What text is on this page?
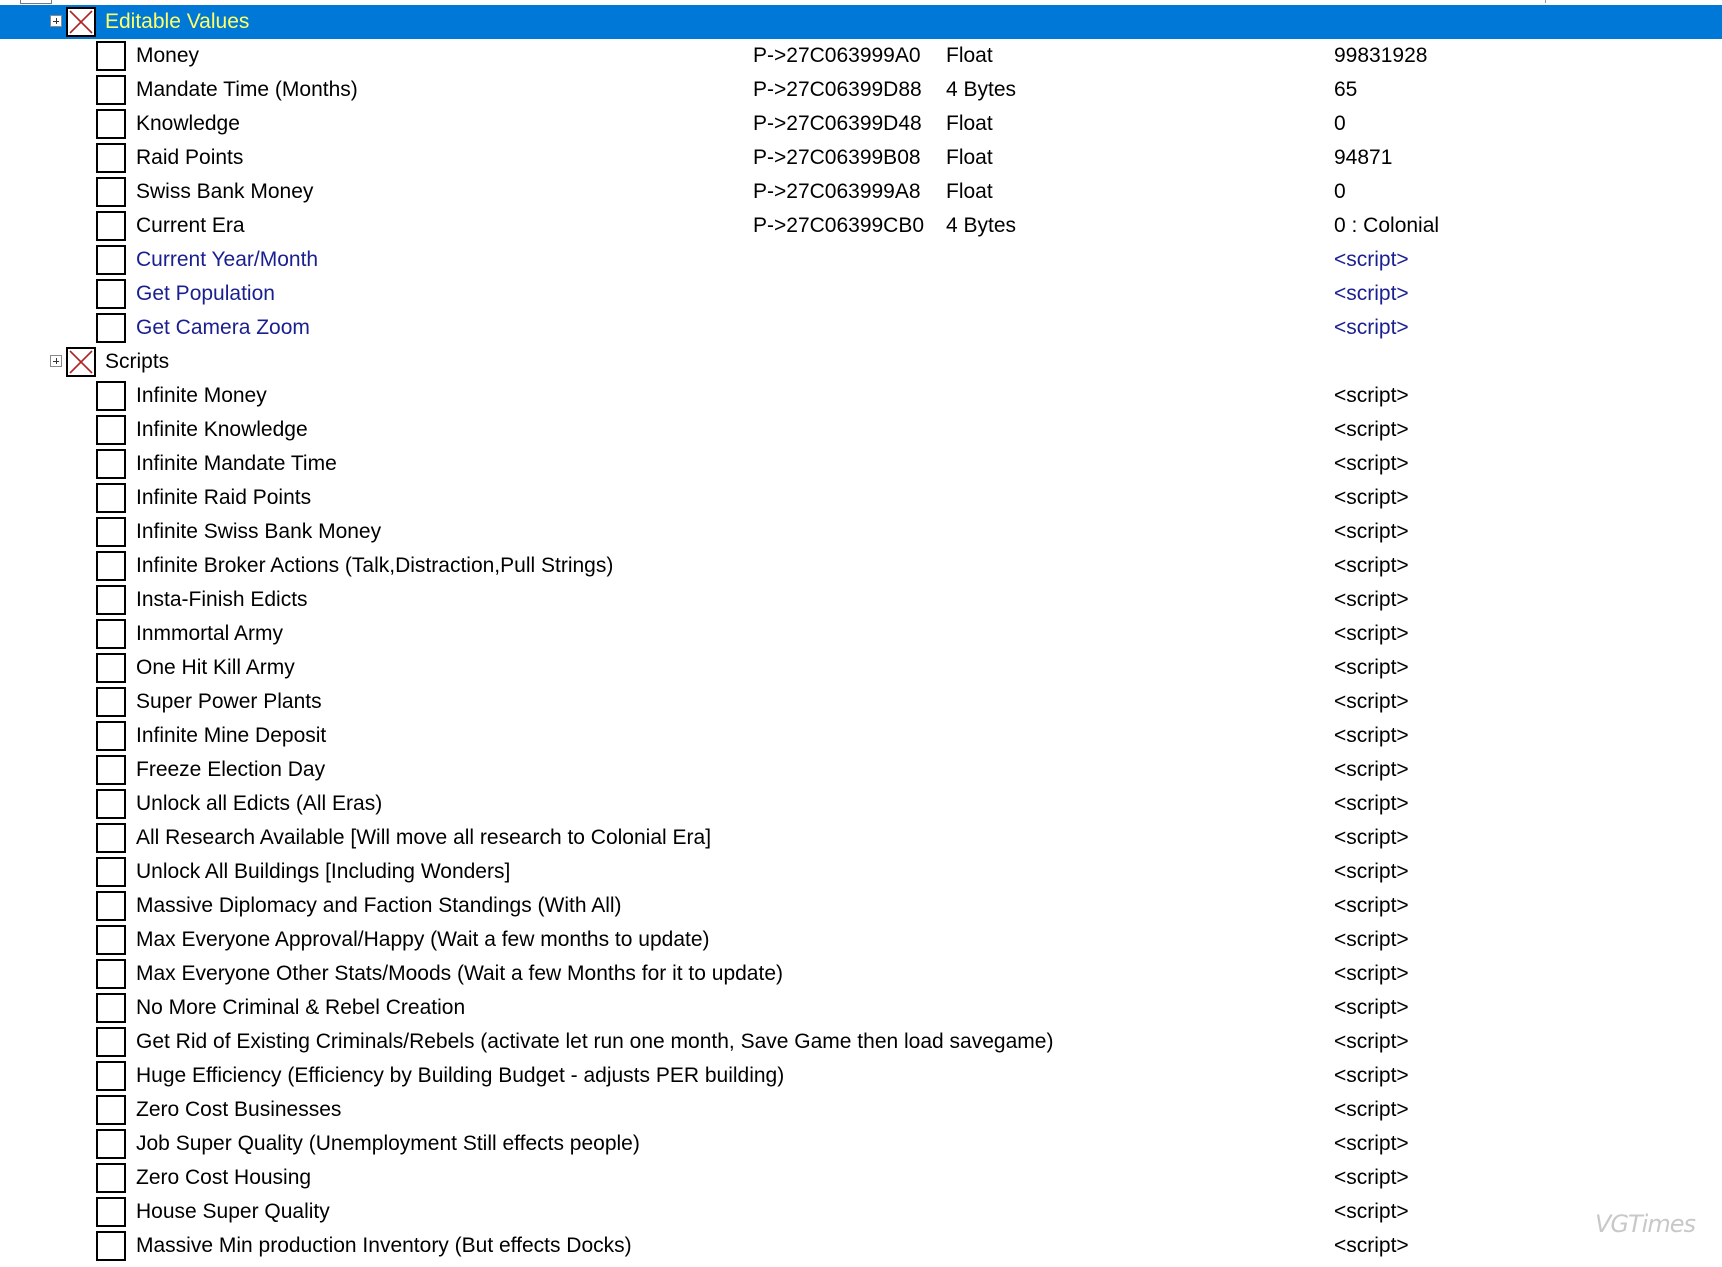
Editable Values
Money	P->27C063999A0 Float	99831928
Mandate Time (Months)	P->27C06399D88 4 Bytes	65
Knowledge	P->27C06399D48 Float	0
Raid Points	P->27C06399B08 Float	94871
Swiss Bank Money	P->27C063999A8 Float	0
Current Era	P->27C06399CB0 4 Bytes	0 : Colonial
Current Year/Month	<script>
Get Population	<script>
Get Camera Zoom	<script>
Scripts
Infinite Money	<script>
Infinite Knowledge	<script>
Infinite Mandate Time	<script>
Infinite Raid Points	<script>
Infinite Swiss Bank Money	<script>
Infinite Broker Actions (Talk,Distraction,Pull Strings)	<script>
Insta-Finish Edicts	<script>
Inmmortal Army	<script>
One Hit Kill Army	<script>
Super Power Plants	<script>
Infinite Mine Deposit	<script>
Freeze Election Day	<script>
Unlock all Edicts (All Eras)	<script>
All Research Available [Will move all research to Colonial Era]	<script>
Unlock All Buildings [Including Wonders]	<script>
Massive Diplomacy and Faction Standings (With All)	<script>
Max Everyone Approval/Happy (Wait a few months to update)	<script>
Max Everyone Other Stats/Moods (Wait a few Months for it to update)	<script>
No More Criminal & Rebel Creation	<script>
Get Rid of Existing Criminals/Rebels (activate let run one month, Save Game then load savegame)	<script>
Huge Efficiency (Efficiency by Building Budget - adjusts PER building)	<script>
Zero Cost Businesses	<script>
Job Super Quality (Unemployment Still effects people)	<script>
Zero Cost Housing	<script>
House Super Quality	<script>
Massive Min production Inventory (But effects Docks)	<script>
VGTimes
